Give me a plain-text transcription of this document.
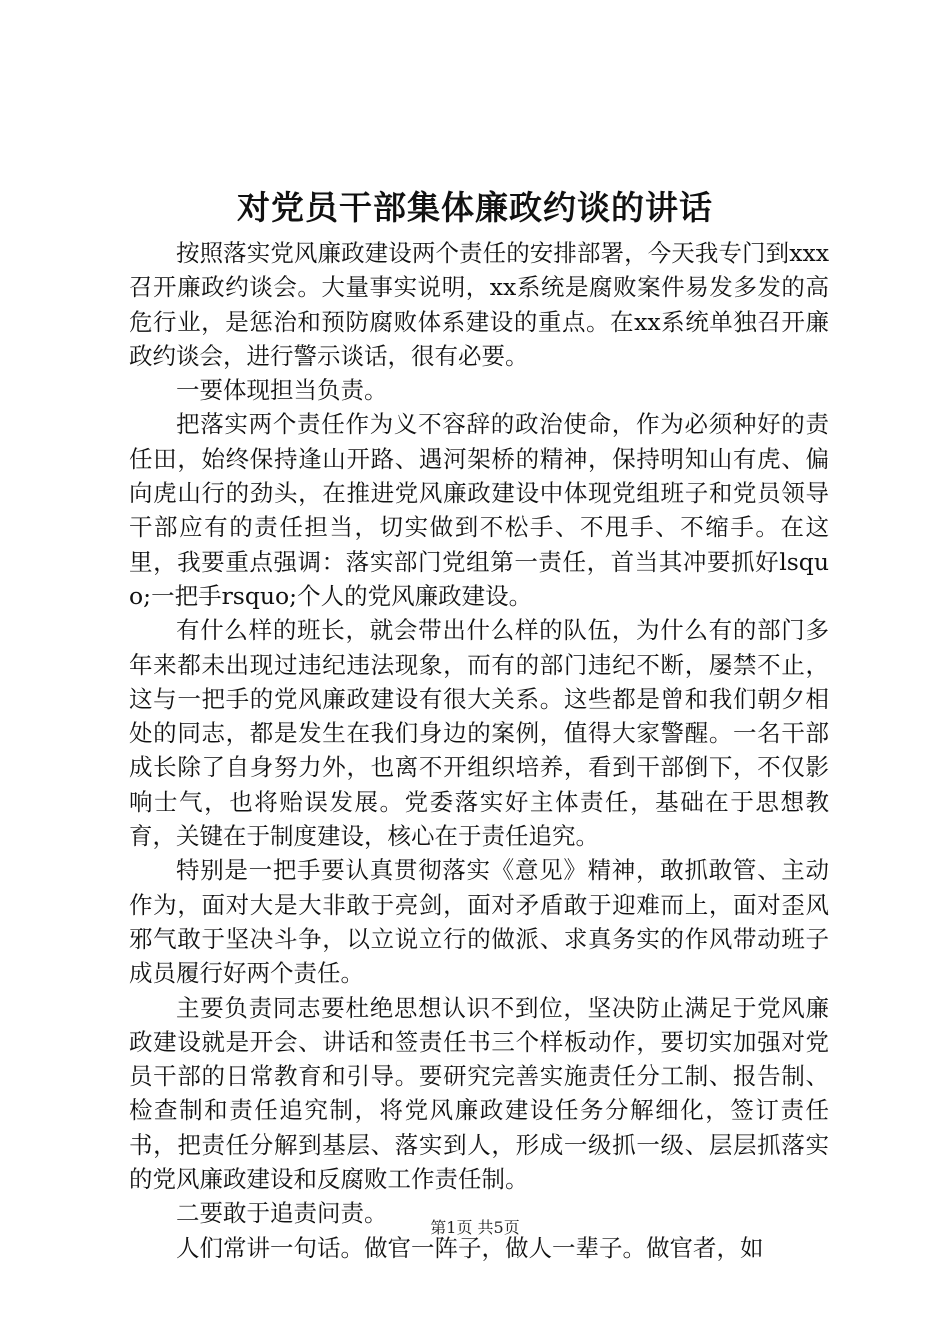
对党员干部集体廉政约谈的讲话

按照落实党风廉政建设两个责任的安排部署，今天我专门到xxx召开廉政约谈会。大量事实说明，xx系统是腐败案件易发多发的高危行业，是惩治和预防腐败体系建设的重点。在xx系统单独召开廉政约谈会，进行警示谈话，很有必要。

一要体现担当负责。

把落实两个责任作为义不容辞的政治使命，作为必须种好的责任田，始终保持逢山开路、遇河架桥的精神，保持明知山有虎、偏向虎山行的劲头，在推进党风廉政建设中体现党组班子和党员领导干部应有的责任担当，切实做到不松手、不甩手、不缩手。在这里，我要重点强调：落实部门党组第一责任，首当其冲要抓好lsquo;一把手rsquo;个人的党风廉政建设。

有什么样的班长，就会带出什么样的队伍，为什么有的部门多年来都未出现过违纪违法现象，而有的部门违纪不断，屡禁不止，这与一把手的党风廉政建设有很大关系。这些都是曾和我们朝夕相处的同志，都是发生在我们身边的案例，值得大家警醒。一名干部成长除了自身努力外，也离不开组织培养，看到干部倒下，不仅影响士气，也将贻误发展。党委落实好主体责任，基础在于思想教育，关键在于制度建设，核心在于责任追究。

特别是一把手要认真贯彻落实《意见》精神，敢抓敢管、主动作为，面对大是大非敢于亮剑，面对矛盾敢于迎难而上，面对歪风邪气敢于坚决斗争，以立说立行的做派、求真务实的作风带动班子成员履行好两个责任。

主要负责同志要杜绝思想认识不到位，坚决防止满足于党风廉政建设就是开会、讲话和签责任书三个样板动作，要切实加强对党员干部的日常教育和引导。要研究完善实施责任分工制、报告制、检查制和责任追究制，将党风廉政建设任务分解细化，签订责任书，把责任分解到基层、落实到人，形成一级抓一级、层层抓落实的党风廉政建设和反腐败工作责任制。

二要敢于追责问责。

人们常讲一句话。做官一阵子，做人一辈子。做官者，如

第1页 共5页
